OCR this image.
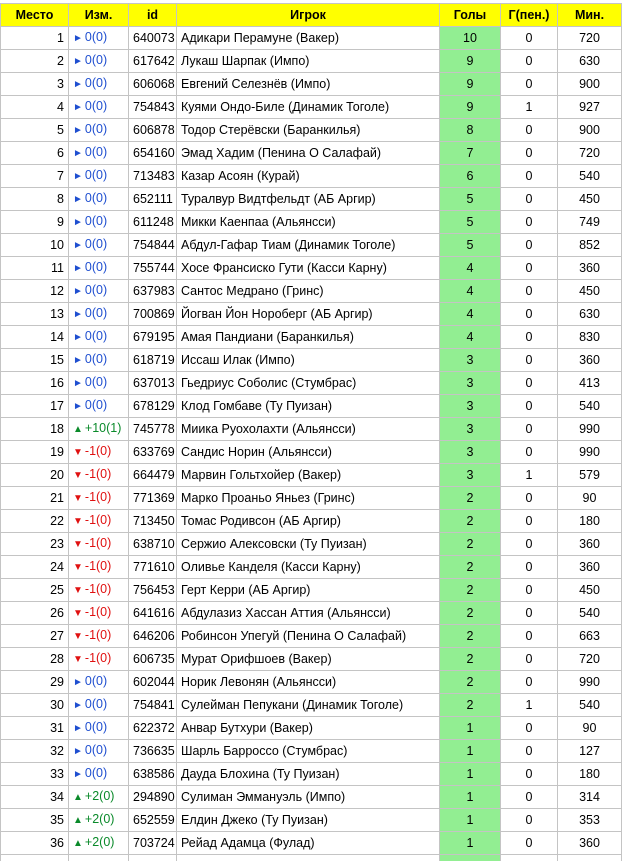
Место	Изм.	id	Игрок	Голы	Г(пен.)	Мин.
1	► 0(0)	640073	Адикари Перамуне (Вакер)	10	0	720
2	► 0(0)	617642	Лукаш Шарпак (Импо)	9	0	630
3	► 0(0)	606068	Евгений Селезнёв (Импо)	9	0	900
4	► 0(0)	754843	Куями Ондо-Биле (Динамик Тоголе)	9	1	927
5	► 0(0)	606878	Тодор Стерёвски (Баранкилья)	8	0	900
6	► 0(0)	654160	Эмад Хадим (Пенина О Салафай)	7	0	720
7	► 0(0)	713483	Казар Асоян (Курай)	6	0	540
8	► 0(0)	652111	Туралвур Видтфельдт (АБ Аргир)	5	0	450
9	► 0(0)	611248	Микки Каенпаа (Альянсси)	5	0	749
10	► 0(0)	754844	Абдул-Гафар Тиам (Динамик Тоголе)	5	0	852
11	► 0(0)	755744	Хосе Франсиско Гути (Касси Карну)	4	0	360
12	► 0(0)	637983	Сантос Медрано (Гринс)	4	0	450
13	► 0(0)	700869	Йогван Йон Нороберг (АБ Аргир)	4	0	630
14	► 0(0)	679195	Амая Пандиани (Баранкилья)	4	0	830
15	► 0(0)	618719	Иссаш Илак (Импо)	3	0	360
16	► 0(0)	637013	Гьедриус Соболис (Стумбрас)	3	0	413
17	► 0(0)	678129	Клод Гомбаве (Ту Пуизан)	3	0	540
18	▲ +10(1)	745778	Миика Руохолахти (Альянсси)	3	0	990
19	▼ -1(0)	633769	Сандис Норин (Альянсси)	3	0	990
20	▼ -1(0)	664479	Марвин Гольтхойер (Вакер)	3	1	579
21	▼ -1(0)	771369	Марко Проаньо Яньез (Гринс)	2	0	90
22	▼ -1(0)	713450	Томас Родивсон (АБ Аргир)	2	0	180
23	▼ -1(0)	638710	Сержио Алексовски (Ту Пуизан)	2	0	360
24	▼ -1(0)	771610	Оливье Канделя (Касси Карну)	2	0	360
25	▼ -1(0)	756453	Герт Керри (АБ Аргир)	2	0	450
26	▼ -1(0)	641616	Абдулазиз Хассан Аттия (Альянсси)	2	0	540
27	▼ -1(0)	646206	Робинсон Упегуй (Пенина О Салафай)	2	0	663
28	▼ -1(0)	606735	Мурат Орифшоев (Вакер)	2	0	720
29	► 0(0)	602044	Норик Левонян (Альянсси)	2	0	990
30	► 0(0)	754841	Сулейман Пепукани (Динамик Тоголе)	2	1	540
31	► 0(0)	622372	Анвар Бутхури (Вакер)	1	0	90
32	► 0(0)	736635	Шарль Барроссо (Стумбрас)	1	0	127
33	► 0(0)	638586	Дауда Блохина (Ту Пуизан)	1	0	180
34	▲ +2(0)	294890	Сулиман Эммануэль (Импо)	1	0	314
35	▲ +2(0)	652559	Елдин Джеко (Ту Пуизан)	1	0	353
36	▲ +2(0)	703724	Рейад Адамца (Фулад)	1	0	360
